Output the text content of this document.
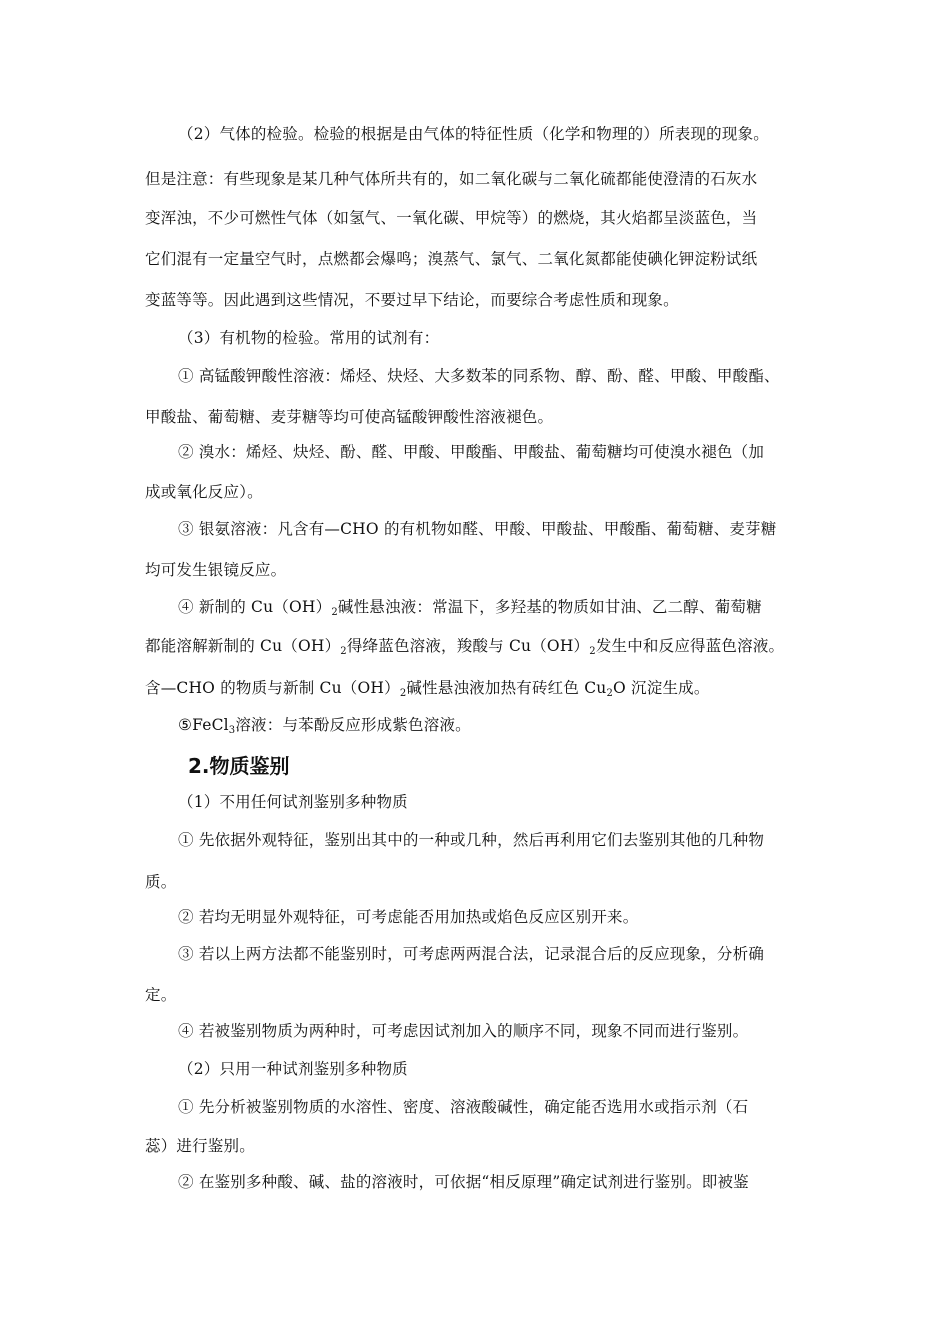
（2）气体的检验。检验的根据是由气体的特征性质（化学和物理的）所表现的现象。
但是注意：有些现象是某几种气体所共有的，如二氧化碳与二氧化硫都能使澄清的石灰水
变浑浊，不少可燃性气体（如氢气、一氧化碳、甲烷等）的燃烧，其火焰都呈淡蓝色，当
它们混有一定量空气时，点燃都会爆鸣；溴蒸气、氯气、二氧化氮都能使碘化钾淀粉试纸
变蓝等等。因此遇到这些情况，不要过早下结论，而要综合考虑性质和现象。
（3）有机物的检验。常用的试剂有：
① 高锰酸钾酸性溶液：烯烃、炔烃、大多数苯的同系物、醇、酚、醛、甲酸、甲酸酯、
甲酸盐、葡萄糖、麦芽糖等均可使高锰酸钾酸性溶液褪色。
② 溴水：烯烃、炔烃、酚、醛、甲酸、甲酸酯、甲酸盐、葡萄糖均可使溴水褪色（加
成或氧化反应）。
③ 银氨溶液：凡含有—CHO 的有机物如醛、甲酸、甲酸盐、甲酸酯、葡萄糖、麦芽糖
均可发生银镜反应。
④ 新制的 $Cu(OH)_2$碱性悬浊液：常温下，多羟基的物质如甘油、乙二醇、葡萄糖
都能溶解新制的 $Cu(OH)_2$得绛蓝色溶液，羧酸与 $Cu(OH)_2$发生中和反应得蓝色溶液。
含—CHO 的物质与新制 $Cu(OH)_2$碱性悬浊液加热有砖红色 $Cu_2O$ 沉淀生成。
⑤FeCl$_3$溶液：与苯酚反应形成紫色溶液。
2.物质鉴别
（1）不用任何试剂鉴别多种物质
① 先依据外观特征，鉴别出其中的一种或几种，然后再利用它们去鉴别其他的几种物
质。
② 若均无明显外观特征，可考虑能否用加热或焰色反应区别开来。
③ 若以上两方法都不能鉴别时，可考虑两两混合法，记录混合后的反应现象，分析确
定。
④ 若被鉴别物质为两种时，可考虑因试剂加入的顺序不同，现象不同而进行鉴别。
（2）只用一种试剂鉴别多种物质
① 先分析被鉴别物质的水溶性、密度、溶液酸碱性，确定能否选用水或指示剂（石
蕊）进行鉴别。
② 在鉴别多种酸、碱、盐的溶液时，可依据“相反原理”确定试剂进行鉴别。即被鉴
